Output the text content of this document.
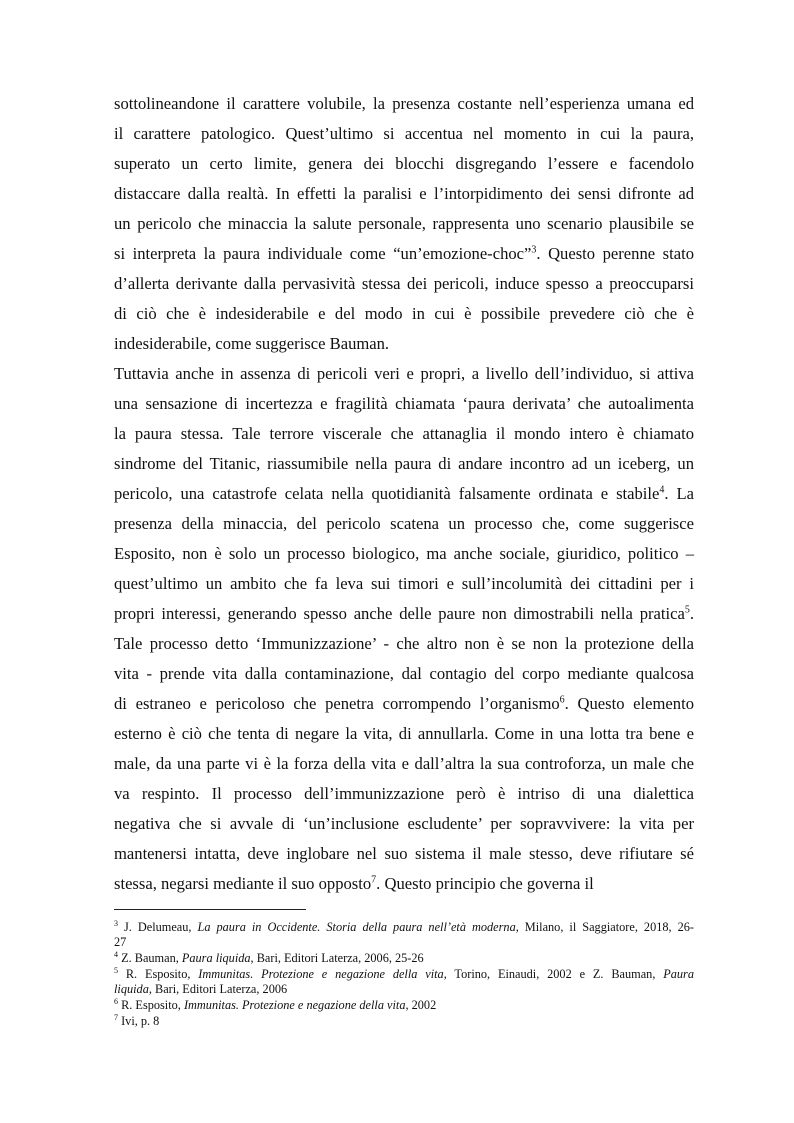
sottolineandone il carattere volubile, la presenza costante nell’esperienza umana ed
il carattere patologico. Quest’ultimo si accentua nel momento in cui la paura,
superato un certo limite, genera dei blocchi disgregando l’essere e facendolo
distaccare dalla realtà. In effetti la paralisi e l’intorpidimento dei sensi difronte ad
un pericolo che minaccia la salute personale, rappresenta uno scenario plausibile se
si interpreta la paura individuale come “un’emozione-choc”$^3$. Questo perenne stato
d’allerta derivante dalla pervasività stessa dei pericoli, induce spesso a preoccuparsi
di ciò che è indesiderabile e del modo in cui è possibile prevedere ciò che è
indesiderabile, come suggerisce Bauman.
Tuttavia anche in assenza di pericoli veri e propri, a livello dell’individuo, si attiva
una sensazione di incertezza e fragilità chiamata ‘paura derivata’ che autoalimenta
la paura stessa. Tale terrore viscerale che attanaglia il mondo intero è chiamato
sindrome del Titanic, riassumibile nella paura di andare incontro ad un iceberg, un
pericolo, una catastrofe celata nella quotidianità falsamente ordinata e stabile$^4$. La
presenza della minaccia, del pericolo scatena un processo che, come suggerisce
Esposito, non è solo un processo biologico, ma anche sociale, giuridico, politico –
quest’ultimo un ambito che fa leva sui timori e sull’incolumità dei cittadini per i
propri interessi, generando spesso anche delle paure non dimostrabili nella pratica$^5$.
Tale processo detto ‘Immunizzazione’ - che altro non è se non la protezione della
vita - prende vita dalla contaminazione, dal contagio del corpo mediante qualcosa
di estraneo e pericoloso che penetra corrompendo l’organismo$^6$. Questo elemento
esterno è ciò che tenta di negare la vita, di annullarla. Come in una lotta tra bene e
male, da una parte vi è la forza della vita e dall’altra la sua controforza, un male che
va respinto. Il processo dell’immunizzazione però è intriso di una dialettica
negativa che si avvale di ‘un’inclusione escludente’ per sopravvivere: la vita per
mantenersi intatta, deve inglobare nel suo sistema il male stesso, deve rifiutare sé
stessa, negarsi mediante il suo opposto$^7$. Questo principio che governa il
$^3$ J. Delumeau, La paura in Occidente. Storia della paura nell’età moderna, Milano, il Saggiatore, 2018, 26-
27
$^4$ Z. Bauman, Paura liquida, Bari, Editori Laterza, 2006, 25-26
$^5$ R. Esposito, Immunitas. Protezione e negazione della vita, Torino, Einaudi, 2002 e Z. Bauman, Paura
liquida, Bari, Editori Laterza, 2006
$^6$ R. Esposito, Immunitas. Protezione e negazione della vita, 2002
$^7$ Ivi, p. 8
